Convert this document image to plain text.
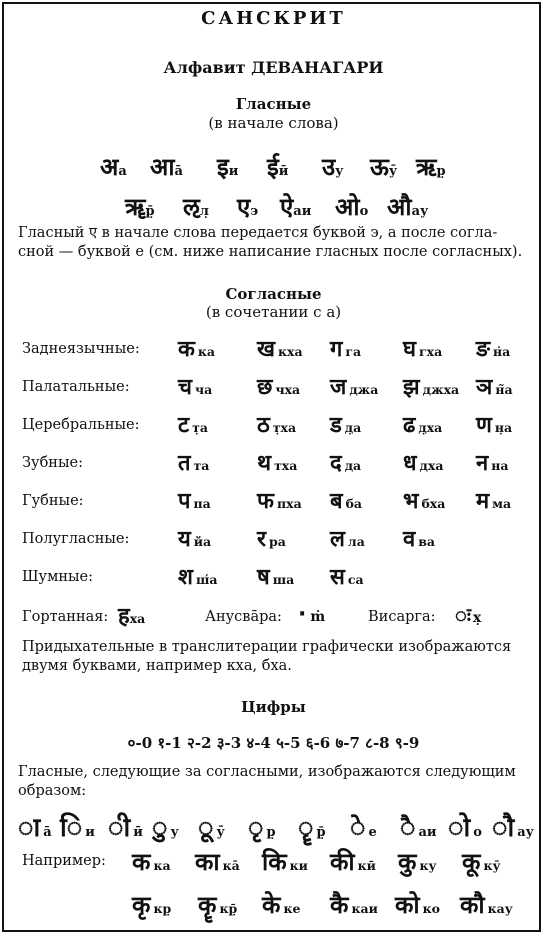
САНСКРИТ
Алфавит ДЕВАНАГАРИ
Гласные
(в начале слова)
अа आā इи ईӣ उу ऊӯ ऋр̣
ॠр̣̄ ऌл̣ एэ ऐаи ओо औау
Гласный ए в начале слова передается буквой э, а после согла-
сной — буквой е (см. ниже написание гласных после согласных).
Согласные
(в сочетании с а)
Заднеязычные: कка खкха गга घгха ङн̇а
Палатальные: चча छчха जджа झджха ञн̃а
Церебральные: टт̣а ठт̣ха डд̣а ढд̣ха णн̣а
Зубные:	तта थтха दда धдха नна
Губные:	पпа फпха बба भбха मма
Полугласные: यйа रра लла वва
Шумные:	शш́а षша सса
Гортанная: हха	Анусвāра: · ṁ	Висарга: ः х̣
Придыхательные в транслитерации графически изображаются
двумя буквами, например кха, бха.
Цифры
०-0 १-1 २-2 ३-3 ४-4 ५-5 ६-6 ७-7 ८-8 ९-9
Гласные, следующие за согласными, изображаются следующим
образом:
ा ā ि и ी ӣ ु у ू ӯ ृ р̣ ॄ р̣̄ े е ै аи ो о ौ ау
Например: कка काкā किки कीкӣ कुку कूкӯ
कृкр̣ कॄкр̣̄ केке कैкаи कोко कौкау
